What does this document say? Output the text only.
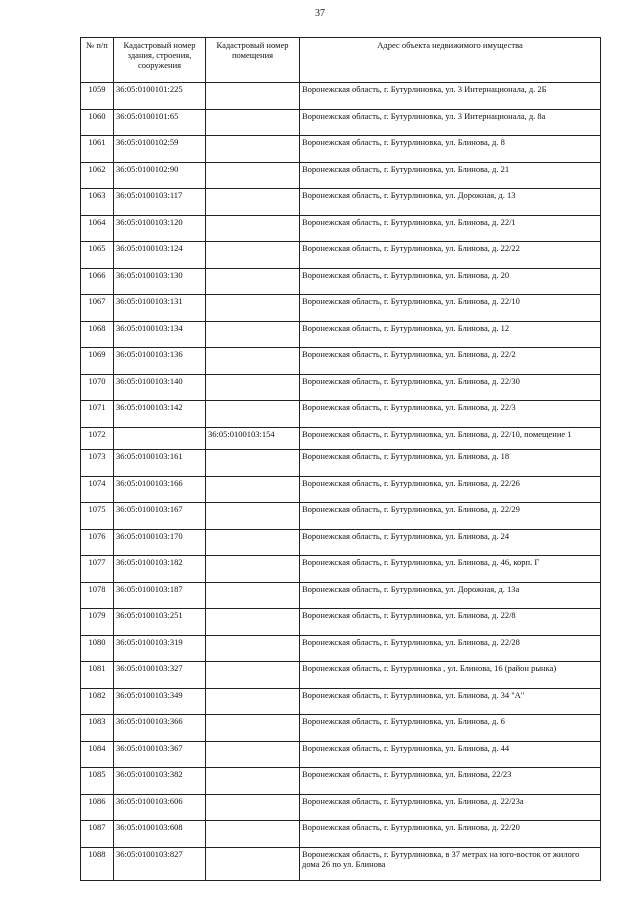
37
№ п/п	Кадастровый номер здания, строения, сооружения	Кадастровый номер помещения	Адрес объекта недвижимого имущества
1059	36:05:0100101:225		Воронежская область, г. Бутурлиновка, ул. 3 Интернационала, д. 2Б
1060	36:05:0100101:65		Воронежская область, г. Бутурлиновка, ул. 3 Интернационала, д. 8а
1061	36:05:0100102:59		Воронежская область, г. Бутурлиновка, ул. Блинова, д. 8
1062	36:05:0100102:90		Воронежская область, г. Бутурлиновка, ул. Блинова, д. 21
1063	36:05:0100103:117		Воронежская область, г. Бутурлиновка, ул. Дорожная, д. 13
1064	36:05:0100103:120		Воронежская область, г. Бутурлиновка, ул. Блинова, д. 22/1
1065	36:05:0100103:124		Воронежская область, г. Бутурлиновка, ул. Блинова, д. 22/22
1066	36:05:0100103:130		Воронежская область, г. Бутурлиновка, ул. Блинова, д. 20
1067	36:05:0100103:131		Воронежская область, г. Бутурлиновка, ул. Блинова, д. 22/10
1068	36:05:0100103:134		Воронежская область, г. Бутурлиновка, ул. Блинова, д. 12
1069	36:05:0100103:136		Воронежская область, г. Бутурлиновка, ул. Блинова, д. 22/2
1070	36:05:0100103:140		Воронежская область, г. Бутурлиновка, ул. Блинова, д. 22/30
1071	36:05:0100103:142		Воронежская область, г. Бутурлиновка, ул. Блинова, д. 22/3
1072		36:05:0100103:154	Воронежская область, г. Бутурлиновка, ул. Блинова, д. 22/10, помещение 1
1073	36:05:0100103:161		Воронежская область, г. Бутурлиновка, ул. Блинова, д. 18
1074	36:05:0100103:166		Воронежская область, г. Бутурлиновка, ул. Блинова, д. 22/26
1075	36:05:0100103:167		Воронежская область, г. Бутурлиновка, ул. Блинова, д. 22/29
1076	36:05:0100103:170		Воронежская область, г. Бутурлиновка, ул. Блинова, д. 24
1077	36:05:0100103:182		Воронежская область, г. Бутурлиновка, ул. Блинова, д. 46, корп. Г
1078	36:05:0100103:187		Воронежская область, г. Бутурлиновка, ул. Дорожная, д. 13а
1079	36:05:0100103:251		Воронежская область, г. Бутурлиновка, ул. Блинова, д. 22/8
1080	36:05:0100103:319		Воронежская область, г. Бутурлиновка, ул. Блинова, д. 22/28
1081	36:05:0100103:327		Воронежская область, г. Бутурлиновка , ул. Блинова, 16 (район рынка)
1082	36:05:0100103:349		Воронежская область, г. Бутурлиновка, ул. Блинова, д. 34 "А"
1083	36:05:0100103:366		Воронежская область, г. Бутурлиновка, ул. Блинова, д. 6
1084	36:05:0100103:367		Воронежская область, г. Бутурлиновка, ул. Блинова, д. 44
1085	36:05:0100103:382		Воронежская область, г. Бутурлиновка, ул. Блинова, 22/23
1086	36:05:0100103:606		Воронежская область, г. Бутурлиновка, ул. Блинова, д. 22/23а
1087	36:05:0100103:608		Воронежская область, г. Бутурлиновка, ул. Блинова, д. 22/20
1088	36:05:0100103:827		Воронежская область, г. Бутурлиновка, в 37 метрах на юго-восток от жилого дома 26 по ул. Блинова
